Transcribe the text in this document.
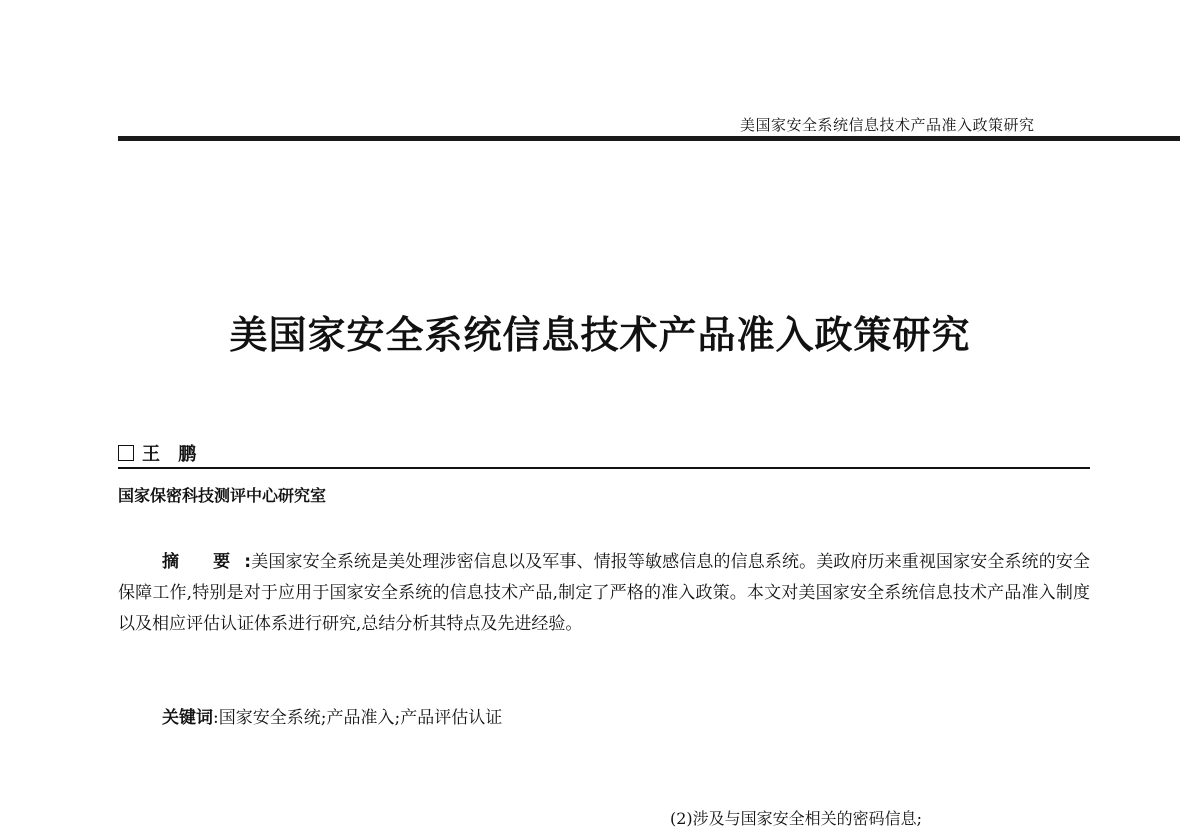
美国家安全系统信息技术产品准入政策研究
美国家安全系统信息技术产品准入政策研究
王 鹏
国家保密科技测评中心研究室

摘 要:美国家安全系统是美处理涉密信息以及军事、情报等敏感信息的信息系统。美政府历来重视国家安全系统的安全保障工作,特别是对于应用于国家安全系统的信息技术产品,制定了严格的准入政策。本文对美国家安全系统信息技术产品准入制度以及相应评估认证体系进行研究,总结分析其特点及先进经验。

关键词:国家安全系统;产品准入;产品评估认证
(2)涉及与国家安全相关的密码信息;
